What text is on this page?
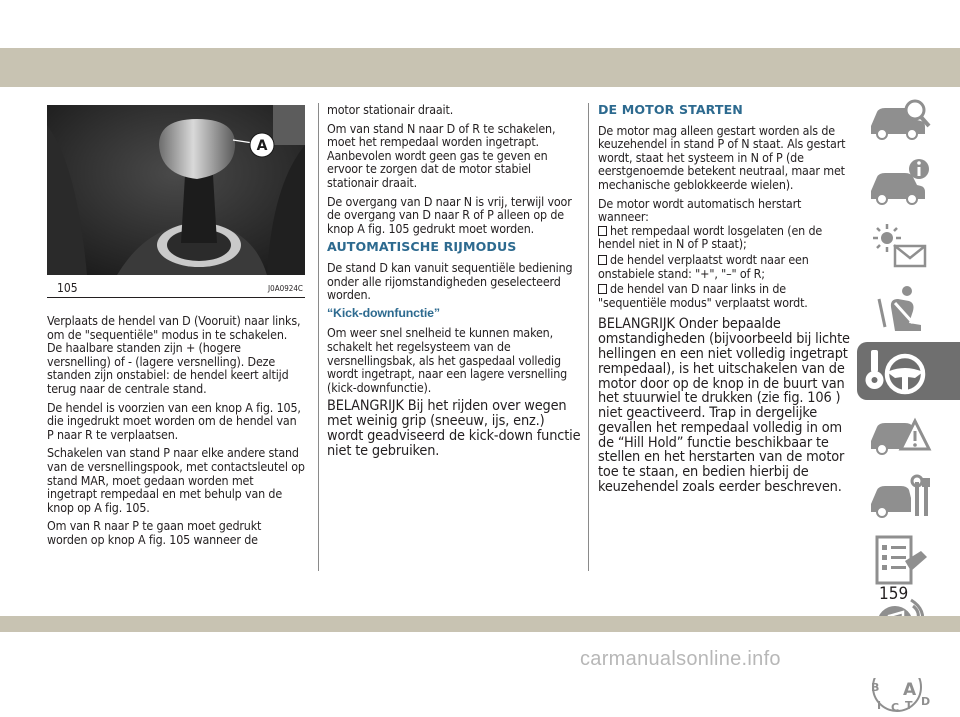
A
105	J0A0924C

Verplaats de hendel van D (Vooruit) naar links, om de "sequentiële" modus in te schakelen. De haalbare standen zijn + (hogere versnelling) of - (lagere versnelling). Deze standen zijn onstabiel: de hendel keert altijd terug naar de centrale stand.

De hendel is voorzien van een knop A fig. 105, die ingedrukt moet worden om de hendel van P naar R te verplaatsen.

Schakelen van stand P naar elke andere stand van de versnellingspook, met contactsleutel op stand MAR, moet gedaan worden met ingetrapt rempedaal en met behulp van de knop op A fig. 105.

Om van R naar P te gaan moet gedrukt worden op knop A fig. 105 wanneer de

motor stationair draait.

Om van stand N naar D of R te schakelen, moet het rempedaal worden ingetrapt. Aanbevolen wordt geen gas te geven en ervoor te zorgen dat de motor stabiel stationair draait.

De overgang van D naar N is vrij, terwijl voor de overgang van D naar R of P alleen op de knop A fig. 105 gedrukt moet worden.

AUTOMATISCHE RIJMODUS

De stand D kan vanuit sequentiële bediening onder alle rijomstandigheden geselecteerd worden.

“Kick-downfunctie”

Om weer snel snelheid te kunnen maken, schakelt het regelsysteem van de versnellingsbak, als het gaspedaal volledig wordt ingetrapt, naar een lagere versnelling (kick-downfunctie).

BELANGRIJK Bij het rijden over wegen met weinig grip (sneeuw, ijs, enz.) wordt geadviseerd de kick-down functie niet te gebruiken.

DE MOTOR STARTEN

De motor mag alleen gestart worden als de keuzehendel in stand P of N staat. Als gestart wordt, staat het systeem in N of P (de eerstgenoemde betekent neutraal, maar met mechanische geblokkeerde wielen).

De motor wordt automatisch herstart wanneer:

het rempedaal wordt losgelaten (en de hendel niet in N of P staat);

de hendel verplaatst wordt naar een onstabiele stand: "+", "–" of R;

de hendel van D naar links in de "sequentiële modus" verplaatst wordt.

BELANGRIJK Onder bepaalde omstandigheden (bijvoorbeeld bij lichte hellingen en een niet volledig ingetrapt rempedaal), is het uitschakelen van de motor door op de knop in de buurt van het stuurwiel te drukken (zie fig. 106 ) niet geactiveerd. Trap in dergelijke gevallen het rempedaal volledig in om de “Hill Hold” functie beschikbaar te stellen en het herstarten van de motor toe te staan, en bedien hierbij de keuzehendel zoals eerder beschreven.

B A
I C T D
159
carmanualsonline.info
